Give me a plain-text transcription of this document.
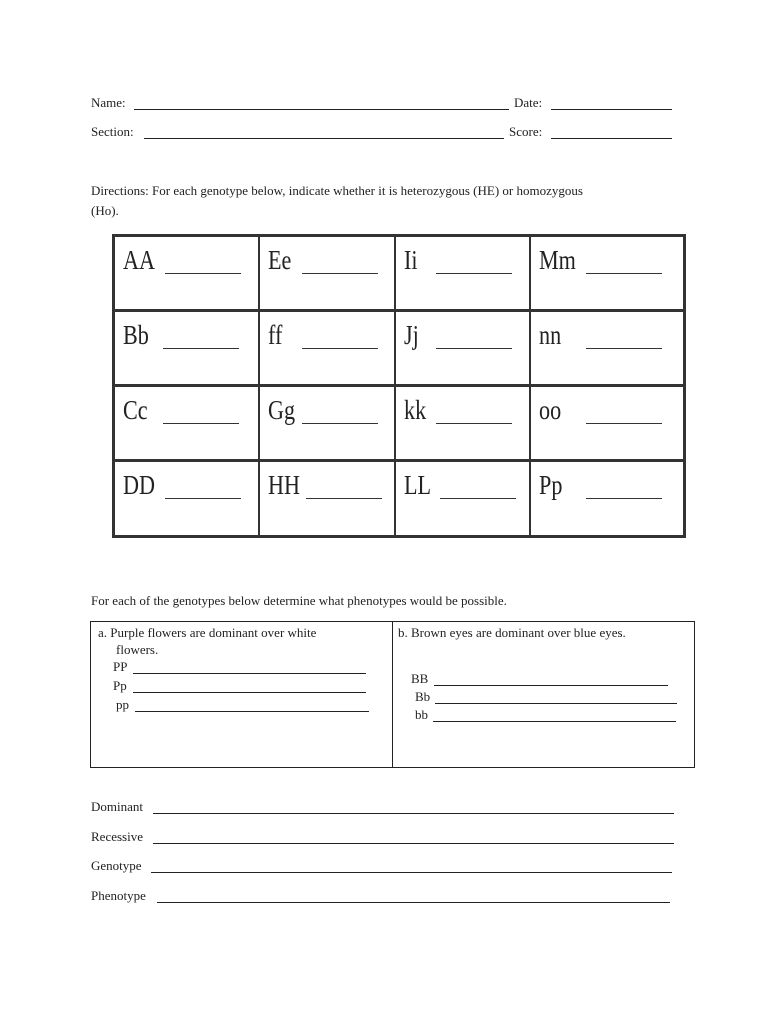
Name:	Date:
Section:	Score:
Directions: For each genotype below, indicate whether it is heterozygous (HE) or homozygous
(Ho).
AA	Ee	Ii	Mm
Bb	ff	Jj	nn
Cc	Gg	kk	oo
DD	HH	LL	Pp
For each of the genotypes below determine what phenotypes would be possible.
a. Purple flowers are dominant over white
flowers.
PP
Pp
pp
b. Brown eyes are dominant over blue eyes.
BB
Bb
bb
Dominant
Recessive
Genotype
Phenotype
